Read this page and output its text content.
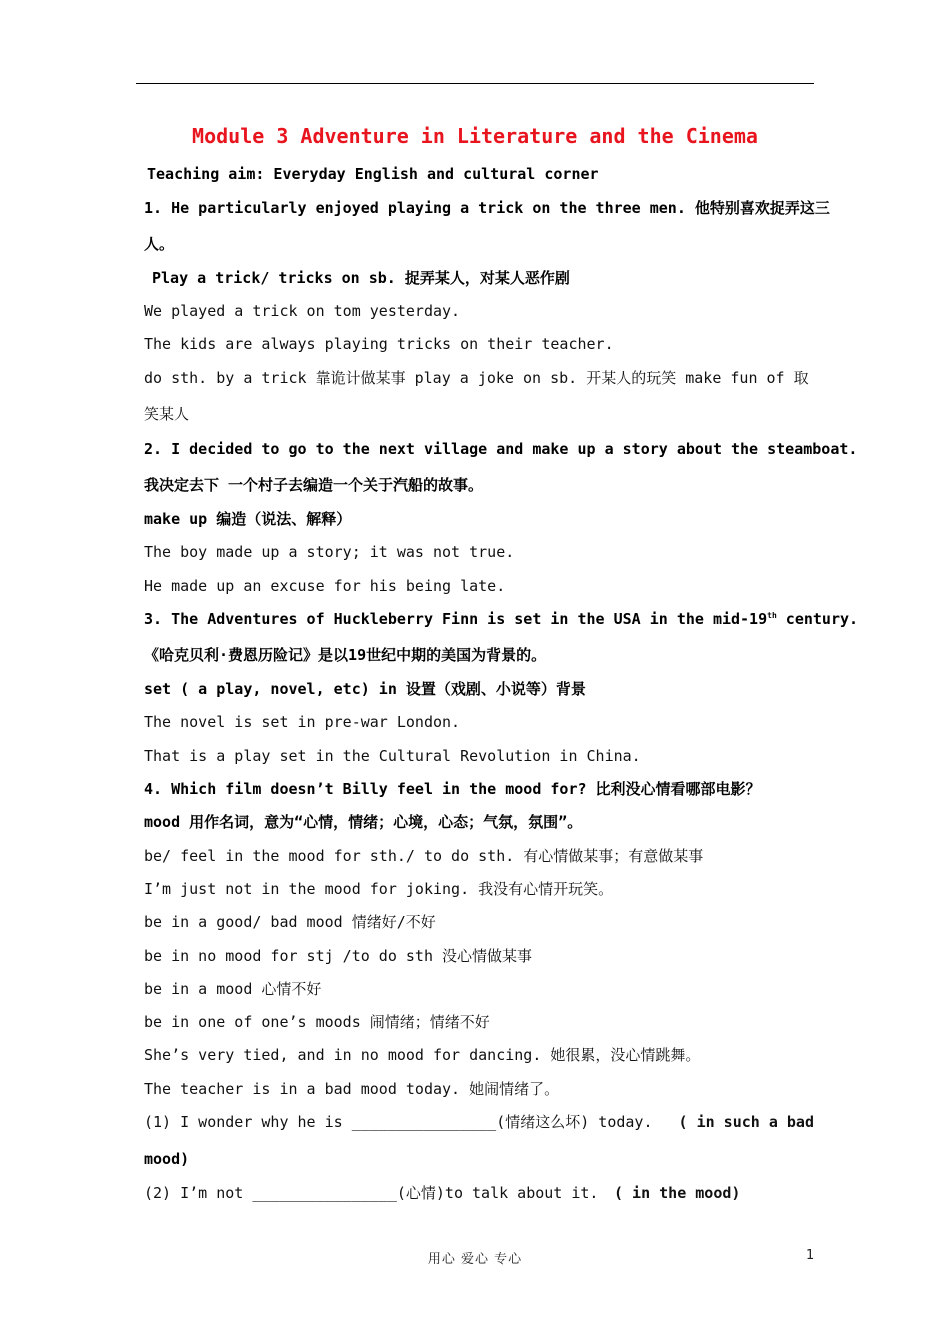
Module 3 Adventure in Literature and the Cinema
Teaching aim: Everyday English and cultural corner
1. He particularly enjoyed playing a trick on the three men. 他特别喜欢捉弄这三
人。
Play a trick/ tricks on sb. 捉弄某人，对某人恶作剧
We played a trick on tom yesterday.
The kids are always playing tricks on their teacher.
do sth. by a trick 靠诡计做某事 play a joke on sb. 开某人的玩笑 make fun of 取
笑某人
2. I decided to go to the next village and make up a story about the steamboat.
我决定去下 一个村子去编造一个关于汽船的故事。
make up 编造（说法、解释）
The boy made up a story; it was not true.
He made up an excuse for his being late.
3. The Adventures of Huckleberry Finn is set in the USA in the mid-19th century.
《哈克贝利·费恩历险记》是以19世纪中期的美国为背景的。
set ( a play, novel, etc) in 设置（戏剧、小说等）背景
The novel is set in pre-war London.
That is a play set in the Cultural Revolution in China.
4. Which film doesn’t Billy feel in the mood for? 比利没心情看哪部电影？
mood 用作名词，意为“心情，情绪；心境，心态；气氛，氛围”。
be/ feel in the mood for sth./ to do sth. 有心情做某事；有意做某事
I’m just not in the mood for joking. 我没有心情开玩笑。
be in a good/ bad mood 情绪好/不好
be in no mood for stj /to do sth 没心情做某事
be in a mood 心情不好
be in one of one’s moods 闹情绪；情绪不好
She’s very tied, and in no mood for dancing. 她很累，没心情跳舞。
The teacher is in a bad mood today. 她闹情绪了。
(1) I wonder why he is ________________(情绪这么坏) today. ( in such a bad
mood)
(2) I’m not ________________(心情)to talk about it. ( in the mood)
用心 爱心 专心	1
